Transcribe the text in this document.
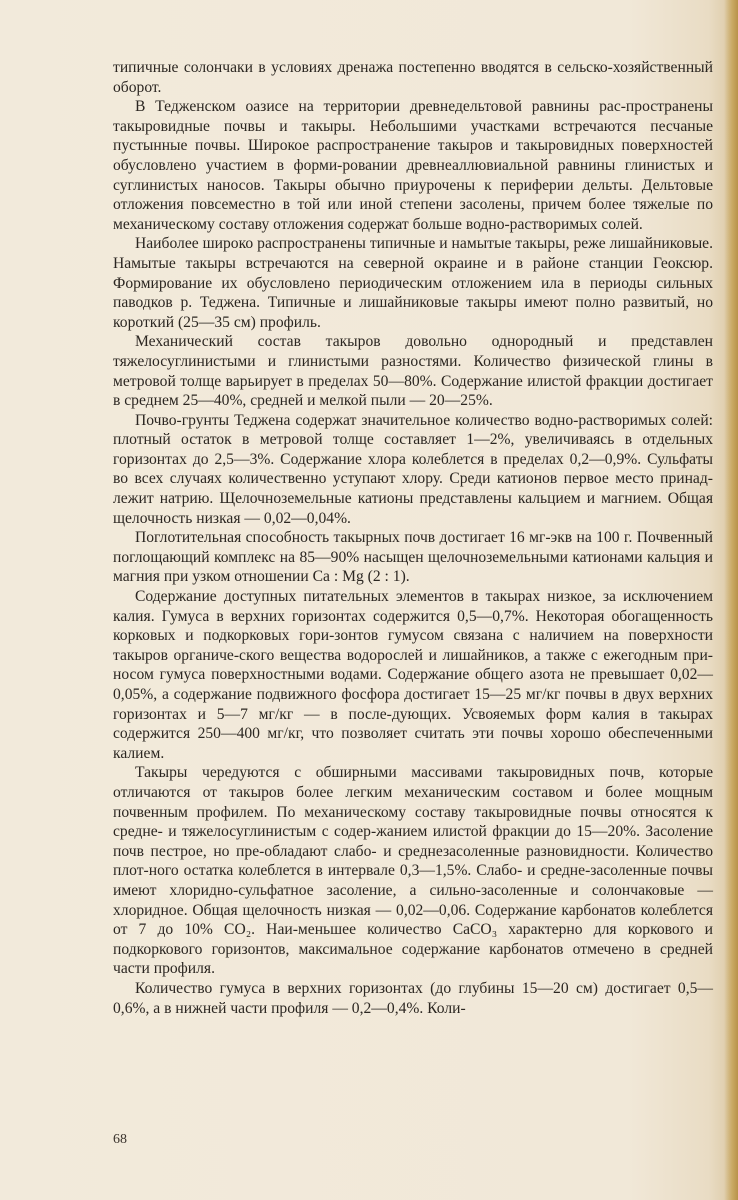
типичные солончаки в условиях дренажа постепенно вводятся в сельско-хозяйственный оборот.

В Тедженском оазисе на территории древнедельтовой равнины рас-пространены такыровидные почвы и такыры. Небольшими участками встречаются песчаные пустынные почвы. Широкое распространение такыров и такыровидных поверхностей обусловлено участием в форми-ровании древнеаллювиальной равнины глинистых и суглинистых наносов. Такыры обычно приурочены к периферии дельты. Дельтовые отложения повсеместно в той или иной степени засолены, причем более тяжелые по механическому составу отложения содержат больше водно-растворимых солей.

Наиболее широко распространены типичные и намытые такыры, реже лишайниковые. Намытые такыры встречаются на северной окраине и в районе станции Геоксюр. Формирование их обусловлено периодическим отложением ила в периоды сильных паводков р. Теджена. Типичные и лишайниковые такыры имеют полно развитый, но короткий (25—35 см) профиль.

Механический состав такыров довольно однородный и представлен тяжелосуглинистыми и глинистыми разностями. Количество физической глины в метровой толще варьирует в пределах 50—80%. Содержание илистой фракции достигает в среднем 25—40%, средней и мелкой пыли — 20—25%.

Почво-грунты Теджена содержат значительное количество водно-растворимых солей: плотный остаток в метровой толще составляет 1—2%, увеличиваясь в отдельных горизонтах до 2,5—3%. Содержание хлора колеблется в пределах 0,2—0,9%. Сульфаты во всех случаях количественно уступают хлору. Среди катионов первое место принад-лежит натрию. Щелочноземельные катионы представлены кальцием и магнием. Общая щелочность низкая — 0,02—0,04%.

Поглотительная способность такырных почв достигает 16 мг-экв на 100 г. Почвенный поглощающий комплекс на 85—90% насыщен щелочноземельными катионами кальция и магния при узком отношении Ca : Mg (2 : 1).

Содержание доступных питательных элементов в такырах низкое, за исключением калия. Гумуса в верхних горизонтах содержится 0,5—0,7%. Некоторая обогащенность корковых и подкорковых гори-зонтов гумусом связана с наличием на поверхности такыров органиче-ского вещества водорослей и лишайников, а также с ежегодным при-носом гумуса поверхностными водами. Содержание общего азота не превышает 0,02—0,05%, а содержание подвижного фосфора достигает 15—25 мг/кг почвы в двух верхних горизонтах и 5—7 мг/кг — в после-дующих. Усвояемых форм калия в такырах содержится 250—400 мг/кг, что позволяет считать эти почвы хорошо обеспеченными калием.

Такыры чередуются с обширными массивами такыровидных почв, которые отличаются от такыров более легким механическим составом и более мощным почвенным профилем. По механическому составу такыровидные почвы относятся к средне- и тяжелосуглинистым с содер-жанием илистой фракции до 15—20%. Засоление почв пестрое, но пре-обладают слабо- и среднезасоленные разновидности. Количество плот-ного остатка колеблется в интервале 0,3—1,5%. Слабо- и средне-засоленные почвы имеют хлоридно-сульфатное засоление, а сильно-засоленные и солончаковые — хлоридное. Общая щелочность низкая — 0,02—0,06. Содержание карбонатов колеблется от 7 до 10% CO₂. Наи-меньшее количество CaCO₃ характерно для коркового и подкоркового горизонтов, максимальное содержание карбонатов отмечено в средней части профиля.

Количество гумуса в верхних горизонтах (до глубины 15—20 см) достигает 0,5—0,6%, а в нижней части профиля — 0,2—0,4%. Коли-

68
